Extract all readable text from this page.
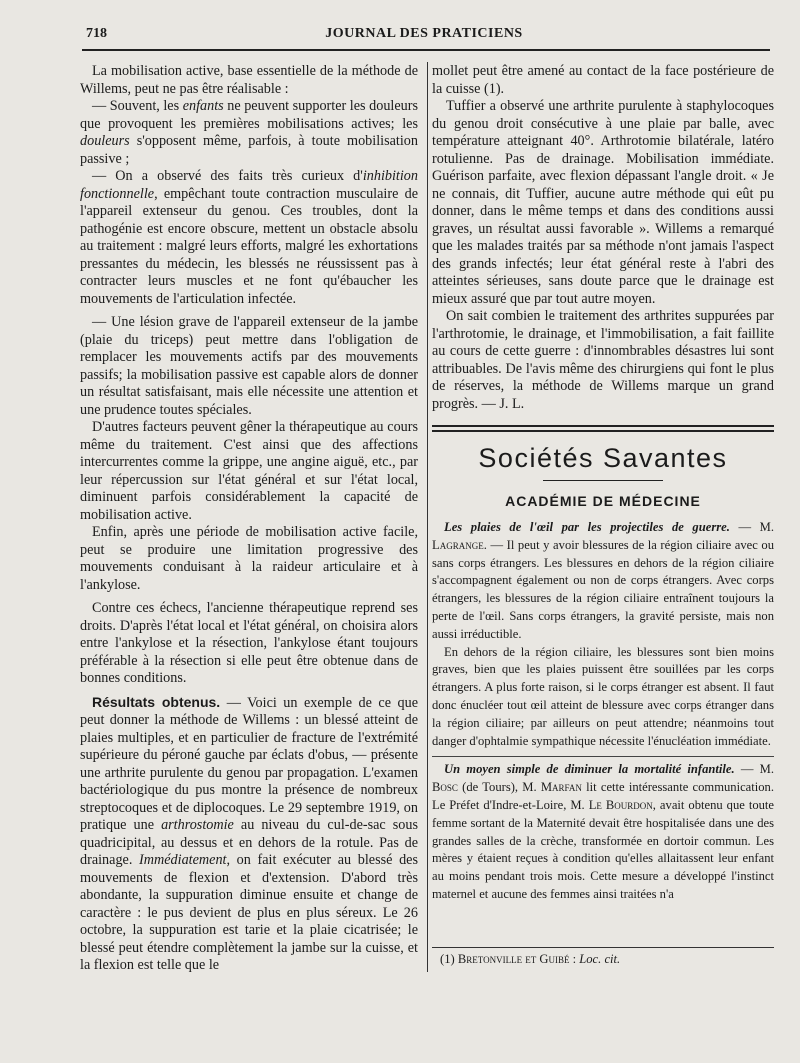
718	JOURNAL DES PRATICIENS

La mobilisation active, base essentielle de la méthode de Willems, peut ne pas être réalisable :

— Souvent, les enfants ne peuvent supporter les douleurs que provoquent les premières mobilisations actives; les douleurs s'opposent même, parfois, à toute mobilisation passive ;

— On a observé des faits très curieux d'inhibition fonctionnelle, empêchant toute contraction musculaire de l'appareil extenseur du genou. Ces troubles, dont la pathogénie est encore obscure, mettent un obstacle absolu au traitement : malgré leurs efforts, malgré les exhortations pressantes du médecin, les blessés ne réussissent pas à contracter leurs muscles et ne font qu'ébaucher les mouvements de l'articulation infectée.

— Une lésion grave de l'appareil extenseur de la jambe (plaie du triceps) peut mettre dans l'obligation de remplacer les mouvements actifs par des mouvements passifs; la mobilisation passive est capable alors de donner un résultat satisfaisant, mais elle nécessite une attention et une prudence toutes spéciales.

D'autres facteurs peuvent gêner la thérapeutique au cours même du traitement. C'est ainsi que des affections intercurrentes comme la grippe, une angine aiguë, etc., par leur répercussion sur l'état général et sur l'état local, diminuent parfois considérablement la capacité de mobilisation active.

Enfin, après une période de mobilisation active facile, peut se produire une limitation progressive des mouvements conduisant à la raideur articulaire et à l'ankylose.

Contre ces échecs, l'ancienne thérapeutique reprend ses droits. D'après l'état local et l'état général, on choisira alors entre l'ankylose et la résection, l'ankylose étant toujours préférable à la résection si elle peut être obtenue dans de bonnes conditions.

Résultats obtenus. — Voici un exemple de ce que peut donner la méthode de Willems : un blessé atteint de plaies multiples, et en particulier de fracture de l'extrémité supérieure du péroné gauche par éclats d'obus, — présente une arthrite purulente du genou par propagation. L'examen bactériologique du pus montre la présence de nombreux streptocoques et de diplocoques. Le 29 septembre 1919, on pratique une arthrostomie au niveau du cul-de-sac sous quadricipital, au dessus et en dehors de la rotule. Pas de drainage. Immédiatement, on fait exécuter au blessé des mouvements de flexion et d'extension. D'abord très abondante, la suppuration diminue ensuite et change de caractère : le pus devient de plus en plus séreux. Le 26 octobre, la suppuration est tarie et la plaie cicatrisée; le blessé peut étendre complètement la jambe sur la cuisse, et la flexion est telle que le

mollet peut être amené au contact de la face postérieure de la cuisse (1).

Tuffier a observé une arthrite purulente à staphylocoques du genou droit consécutive à une plaie par balle, avec température atteignant 40°. Arthrotomie bilatérale, latéro rotulienne. Pas de drainage. Mobilisation immédiate. Guérison parfaite, avec flexion dépassant l'angle droit. « Je ne connais, dit Tuffier, aucune autre méthode qui eût pu donner, dans le même temps et dans des conditions aussi graves, un résultat aussi favorable ». Willems a remarqué que les malades traités par sa méthode n'ont jamais l'aspect des grands infectés; leur état général reste à l'abri des atteintes sérieuses, sans doute parce que le drainage est mieux assuré que par tout autre moyen.

On sait combien le traitement des arthrites suppurées par l'arthrotomie, le drainage, et l'immobilisation, a fait faillite au cours de cette guerre : d'innombrables désastres lui sont attribuables. De l'avis même des chirurgiens qui font le plus de réserves, la méthode de Willems marque un grand progrès. — J. L.

Sociétés Savantes
ACADÉMIE DE MÉDECINE

Les plaies de l'œil par les projectiles de guerre. — M. Lagrange. — Il peut y avoir blessures de la région ciliaire avec ou sans corps étrangers. Les blessures en dehors de la région ciliaire s'accompagnent également ou non de corps étrangers. Avec corps étrangers, les blessures de la région ciliaire entraînent toujours la perte de l'œil. Sans corps étrangers, la gravité persiste, mais non aussi irréductible.

En dehors de la région ciliaire, les blessures sont bien moins graves, bien que les plaies puissent être souillées par les corps étrangers. A plus forte raison, si le corps étranger est absent. Il faut donc énucléer tout œil atteint de blessure avec corps étranger dans la région ciliaire; par ailleurs on peut attendre; néanmoins tout danger d'ophtalmie sympathique nécessite l'énucléation immédiate.

Un moyen simple de diminuer la mortalité infantile. — M. Bosc (de Tours), M. Marfan lit cette intéressante communication. Le Préfet d'Indre-et-Loire, M. Le Bourdon, avait obtenu que toute femme sortant de la Maternité devait être hospitalisée dans une des grandes salles de la crèche, transformée en dortoir commun. Les mères y étaient reçues à condition qu'elles allaitassent leur enfant au moins pendant trois mois. Cette mesure a développé l'instinct maternel et aucune des femmes ainsi traitées n'a

(1) Bretonville et Guibé : Loc. cit.
